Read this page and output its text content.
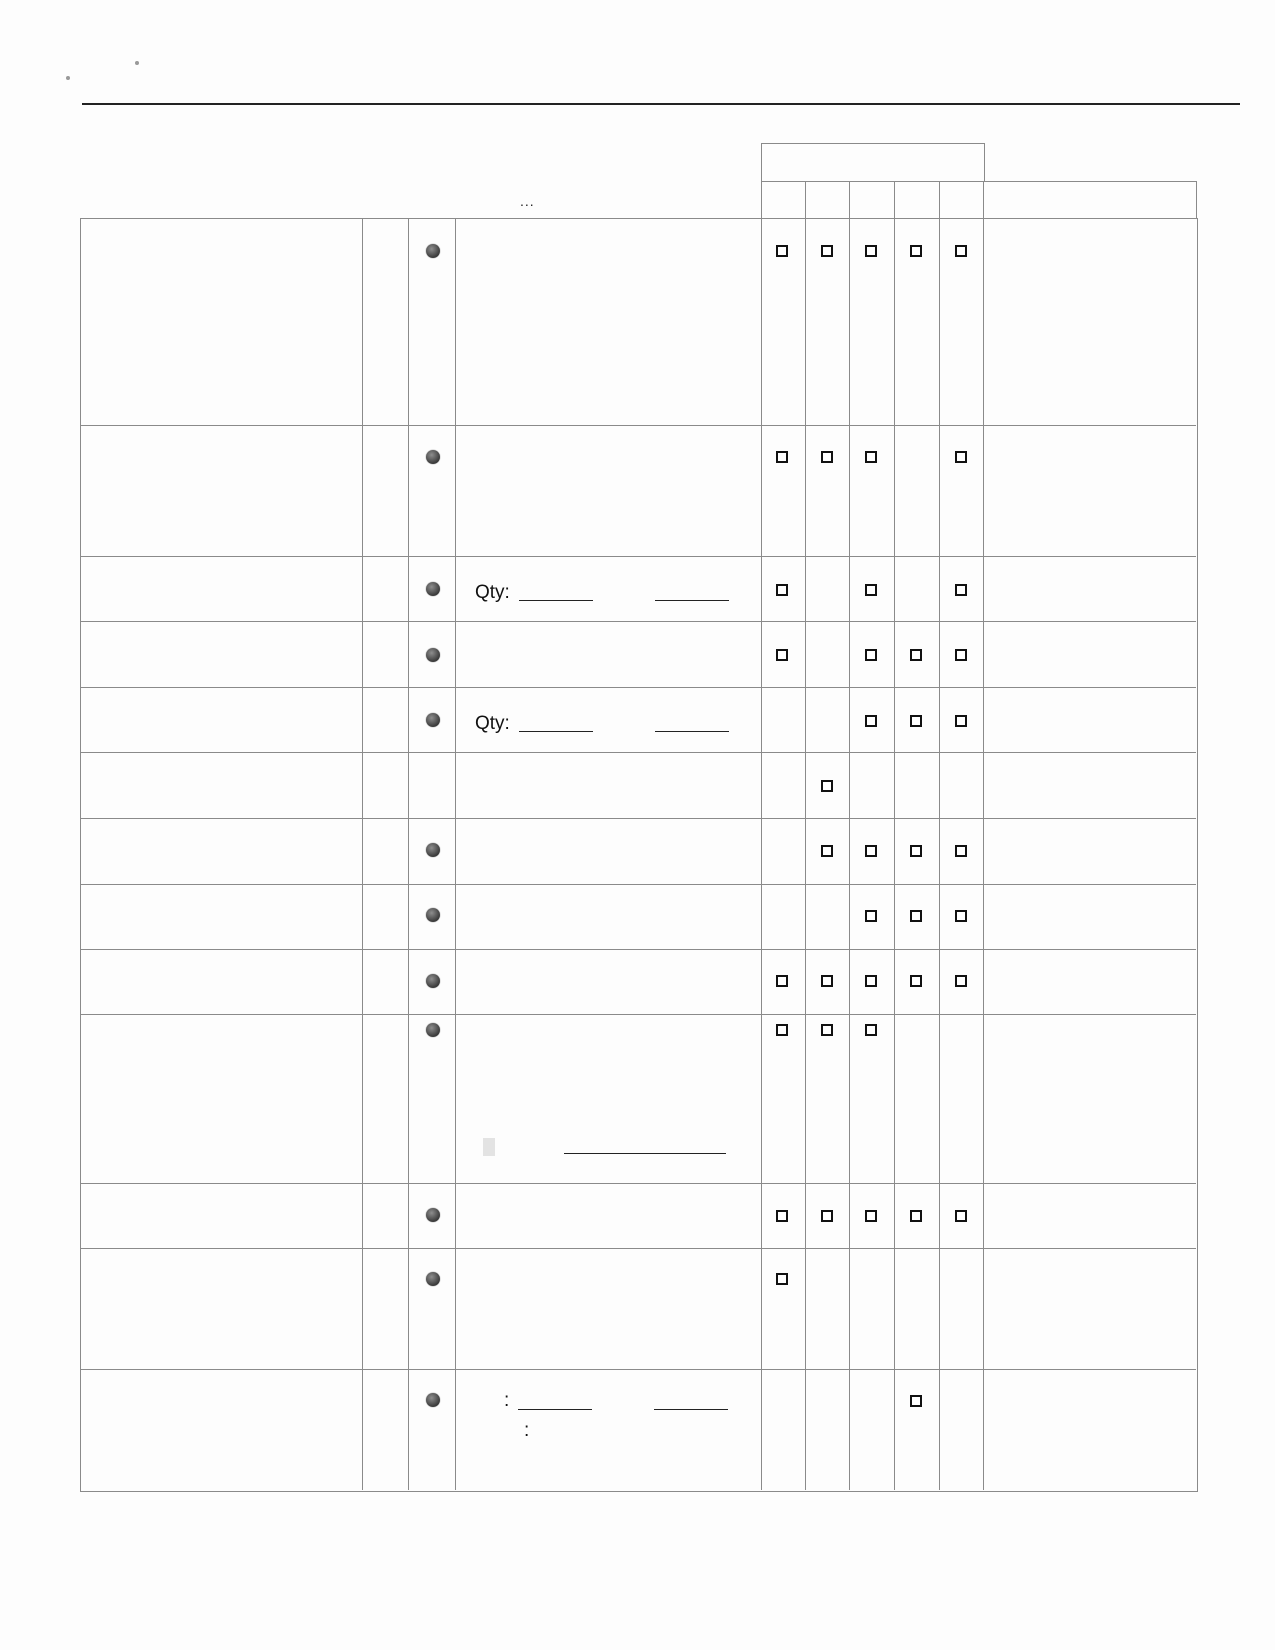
...
Qty:
Qty:
:
:
